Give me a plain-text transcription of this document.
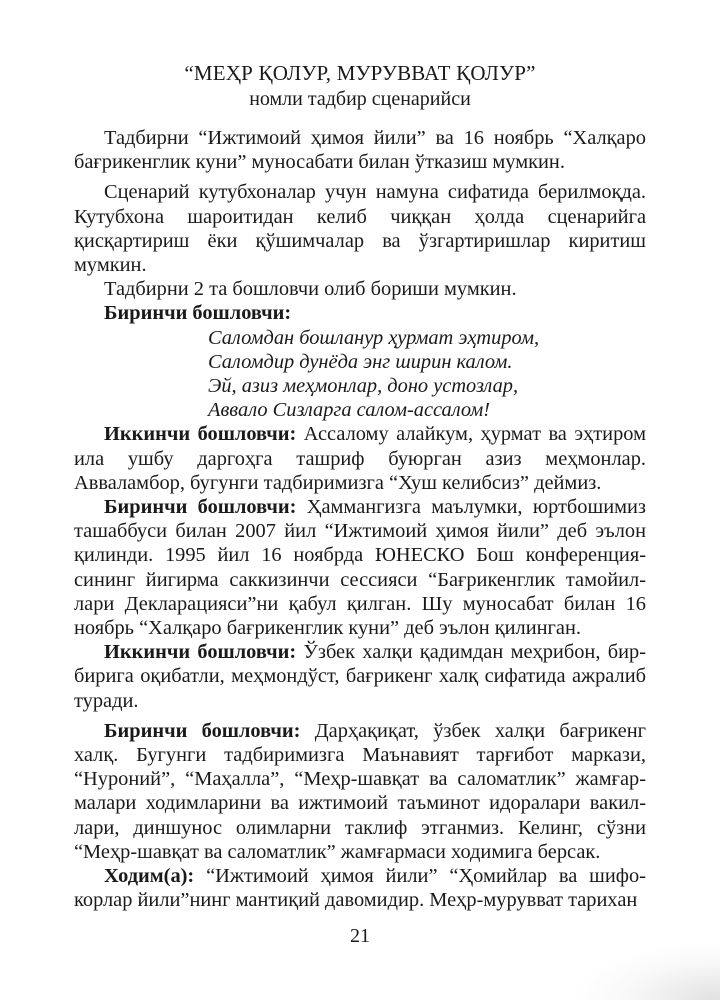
“МЕҲР ҚОЛУР, МУРУВВАТ ҚОЛУР”
номли тадбир сценарийси

Тадбирни “Ижтимоий ҳимоя йили” ва 16 ноябрь “Халқаро бағрикенглик куни” муносабати билан ўтказиш мумкин.

Сценарий кутубхоналар учун намуна сифатида берилмоқда. Кутубхона шароитидан келиб чиққан ҳолда сценарийга қисқартириш ёки қўшимчалар ва ўзгартиришлар киритиш мумкин.

Тадбирни 2 та бошловчи олиб бориши мумкин.

Биринчи бошловчи:

Саломдан бошланур ҳурмат эҳтиром,
Саломдир дунёда энг ширин калом.
Эй, азиз меҳмонлар, доно устозлар,
Аввало Сизларга салом-ассалом!

Иккинчи бошловчи: Ассалому алайкум, ҳурмат ва эҳтиром ила ушбу даргоҳга ташриф буюрган азиз меҳмонлар. Авваламбор, бугунги тадбиримизга “Хуш келибсиз” деймиз.

Биринчи бошловчи: Ҳаммангизга маълумки, юртбошимиз ташаббуси билан 2007 йил “Ижтимоий ҳимоя йили” деб эълон қилинди. 1995 йил 16 ноябрда ЮНЕСКО Бош конференция-сининг йигирма саккизинчи сессияси “Бағрикенглик тамойил-лари Декларацияси”ни қабул қилган. Шу муносабат билан 16 ноябрь “Халқаро бағрикенглик куни” деб эълон қилинган.

Иккинчи бошловчи: Ўзбек халқи қадимдан меҳрибон, бир-бирига оқибатли, меҳмондўст, бағрикенг халқ сифатида ажралиб туради.

Биринчи бошловчи: Дарҳақиқат, ўзбек халқи бағрикенг халқ. Бугунги тадбиримизга Маънавият тарғибот маркази, “Нуроний”, “Маҳалла”, “Меҳр-шавқат ва саломатлик” жамғар-малари ходимларини ва ижтимоий таъминот идоралари вакил-лари, диншунос олимларни таклиф этганмиз. Келинг, сўзни “Меҳр-шавқат ва саломатлик” жамғармаси ходимига берсак.

Ходим(а): “Ижтимоий ҳимоя йили” “Ҳомийлар ва шифо-корлар йили”нинг мантиқий давомидир. Меҳр-мурувват тарихан

21
